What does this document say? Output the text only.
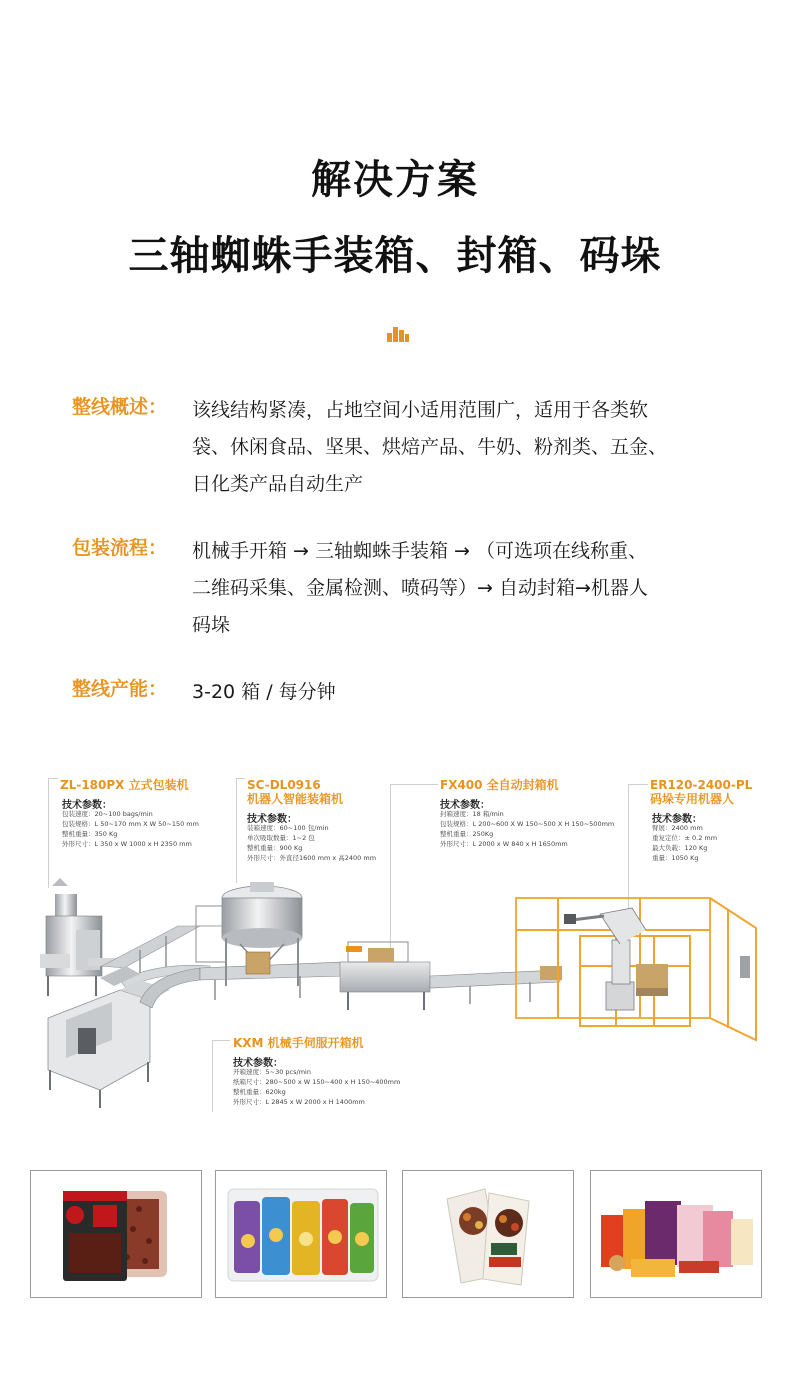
解决方案
三轴蜘蛛手装箱、封箱、码垛
整线概述： 该线结构紧凑，占地空间小适用范围广，适用于各类软
袋、休闲食品、坚果、烘焙产品、牛奶、粉剂类、五金、
日化类产品自动生产
包装流程： 机械手开箱 → 三轴蜘蛛手装箱 → （可选项在线称重、
二维码采集、金属检测、喷码等）→ 自动封箱→机器人
码垛
整线产能： 3-20 箱 / 每分钟
ZL-180PX 立式包装机
技术参数：
包装速度：20~100 bags/min
包装规格：L 50~170 mm X W 50~150 mm
整机重量：350 Kg
外形尺寸：L 350 x W 1000 x H 2350 mm
SC-DL0916
机器人智能装箱机
技术参数：
装箱速度：60~100 包/min
单次吸取数量：1~2 包
整机重量：900 Kg
外形尺寸：外直径1600 mm x 高2400 mm
FX400 全自动封箱机
技术参数：
封箱速度：18 箱/min
包装规格：L 200~600 X W 150~500 X H 150~500mm
整机重量：250Kg
外形尺寸：L 2000 x W 840 x H 1650mm
ER120-2400-PL
码垛专用机器人
技术参数：
臂展：2400 mm
重复定位：± 0.2 mm
最大负载：120 Kg
重量：1050 Kg
KXM 机械手伺服开箱机
技术参数：
开箱速度：5~30 pcs/min
纸箱尺寸：280~500 x W 150~400 x H 150~400mm
整机重量：620kg
外形尺寸：L 2845 x W 2000 x H 1400mm
